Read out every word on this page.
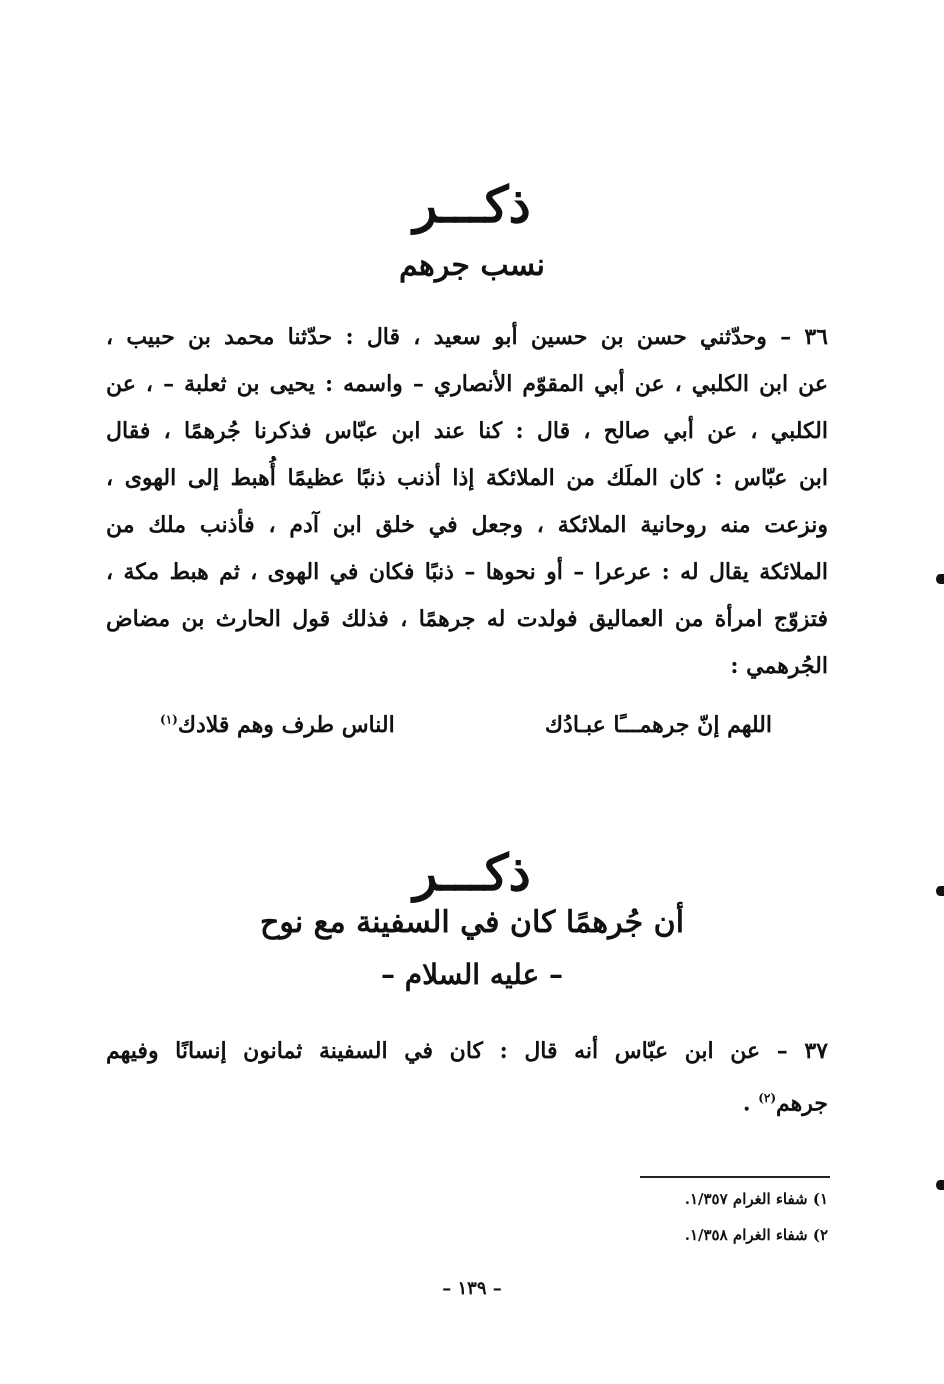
ذكـــر
نسب جرهم
٣٦ – وحدّثني حسن بن حسين أبو سعيد ، قال : حدّثنا محمد بن حبيب ،
عن ابن الكلبي ، عن أبي المقوّم الأنصاري – واسمه : يحيى بن ثعلبة – ، عن
الكلبي ، عن أبي صالح ، قال : كنا عند ابن عبّاس فذكرنا جُرهمًا ، فقال
ابن عبّاس : كان الملَك من الملائكة إذا أذنب ذنبًا عظيمًا أُهبط إلى الهوى ،
ونزعت منه روحانية الملائكة ، وجعل في خلق ابن آدم ، فأذنب ملك من
الملائكة يقال له : عرعرا – أو نحوها – ذنبًا فكان في الهوى ، ثم هبط مكة ،
فتزوّج امرأة من العماليق فولدت له جرهمًا ، فذلك قول الحارث بن مضاض
الجُرهمي :
اللهم إنّ جرهمـــًا عبـادُك
الناس طرف وهم قلادك$^{(١)}$
ذكـــر
أن جُرهمًا كان في السفينة مع نوح
– عليه السلام –
٣٧ – عن ابن عبّاس أنه قال : كان في السفينة ثمانون إنسانًا وفيهم
جرهم$^{(٢)}$ .
١) شفاء الغرام ١/٣٥٧.
٢) شفاء الغرام ١/٣٥٨.
– ١٣٩ –
